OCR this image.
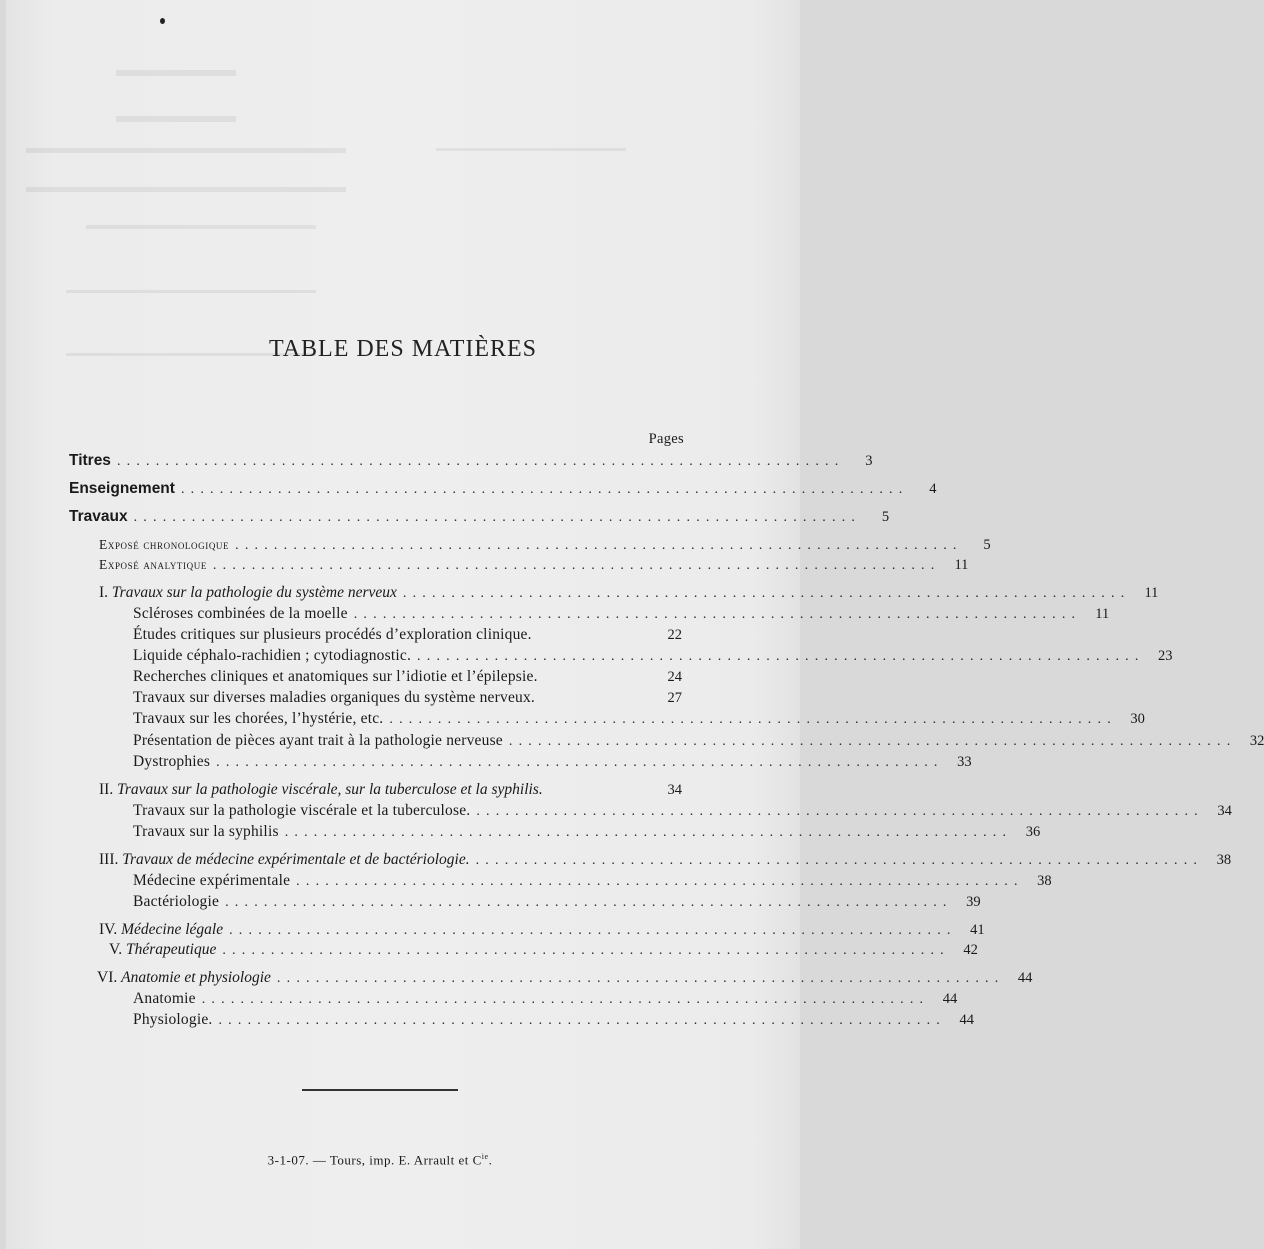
TABLE DES MATIÈRES
Pages
Titres ...........................................................................	3
Enseignement ...........................................................................	4
Travaux ...........................................................................	5
Exposé chronologique ...........................................................................	5
Exposé analytique ........................................................................... 11
I. Travaux sur la pathologie du système nerveux ........................................................................... 11
Scléroses combinées de la moelle ........................................................................... 11
Études critiques sur plusieurs procédés d’exploration clinique.	22
Liquide céphalo-rachidien ; cytodiagnostic. ........................................................................... 23
Recherches cliniques et anatomiques sur l’idiotie et l’épilepsie.	24
Travaux sur diverses maladies organiques du système nerveux.	27
Travaux sur les chorées, l’hystérie, etc. ........................................................................... 30
Présentation de pièces ayant trait à la pathologie nerveuse ........................................................................... 32
Dystrophies ........................................................................... 33
II. Travaux sur la pathologie viscérale, sur la tuberculose et la syphilis.	34
Travaux sur la pathologie viscérale et la tuberculose. ........................................................................... 34
Travaux sur la syphilis ........................................................................... 36
III. Travaux de médecine expérimentale et de bactériologie. ........................................................................... 38
Médecine expérimentale ........................................................................... 38
Bactériologie ........................................................................... 39
IV. Médecine légale ........................................................................... 41
V. Thérapeutique ........................................................................... 42
VI. Anatomie et physiologie ........................................................................... 44
Anatomie ........................................................................... 44
Physiologie. ........................................................................... 44
3-1-07. — Tours, imp. E. Arrault et $C^{ie}$.
